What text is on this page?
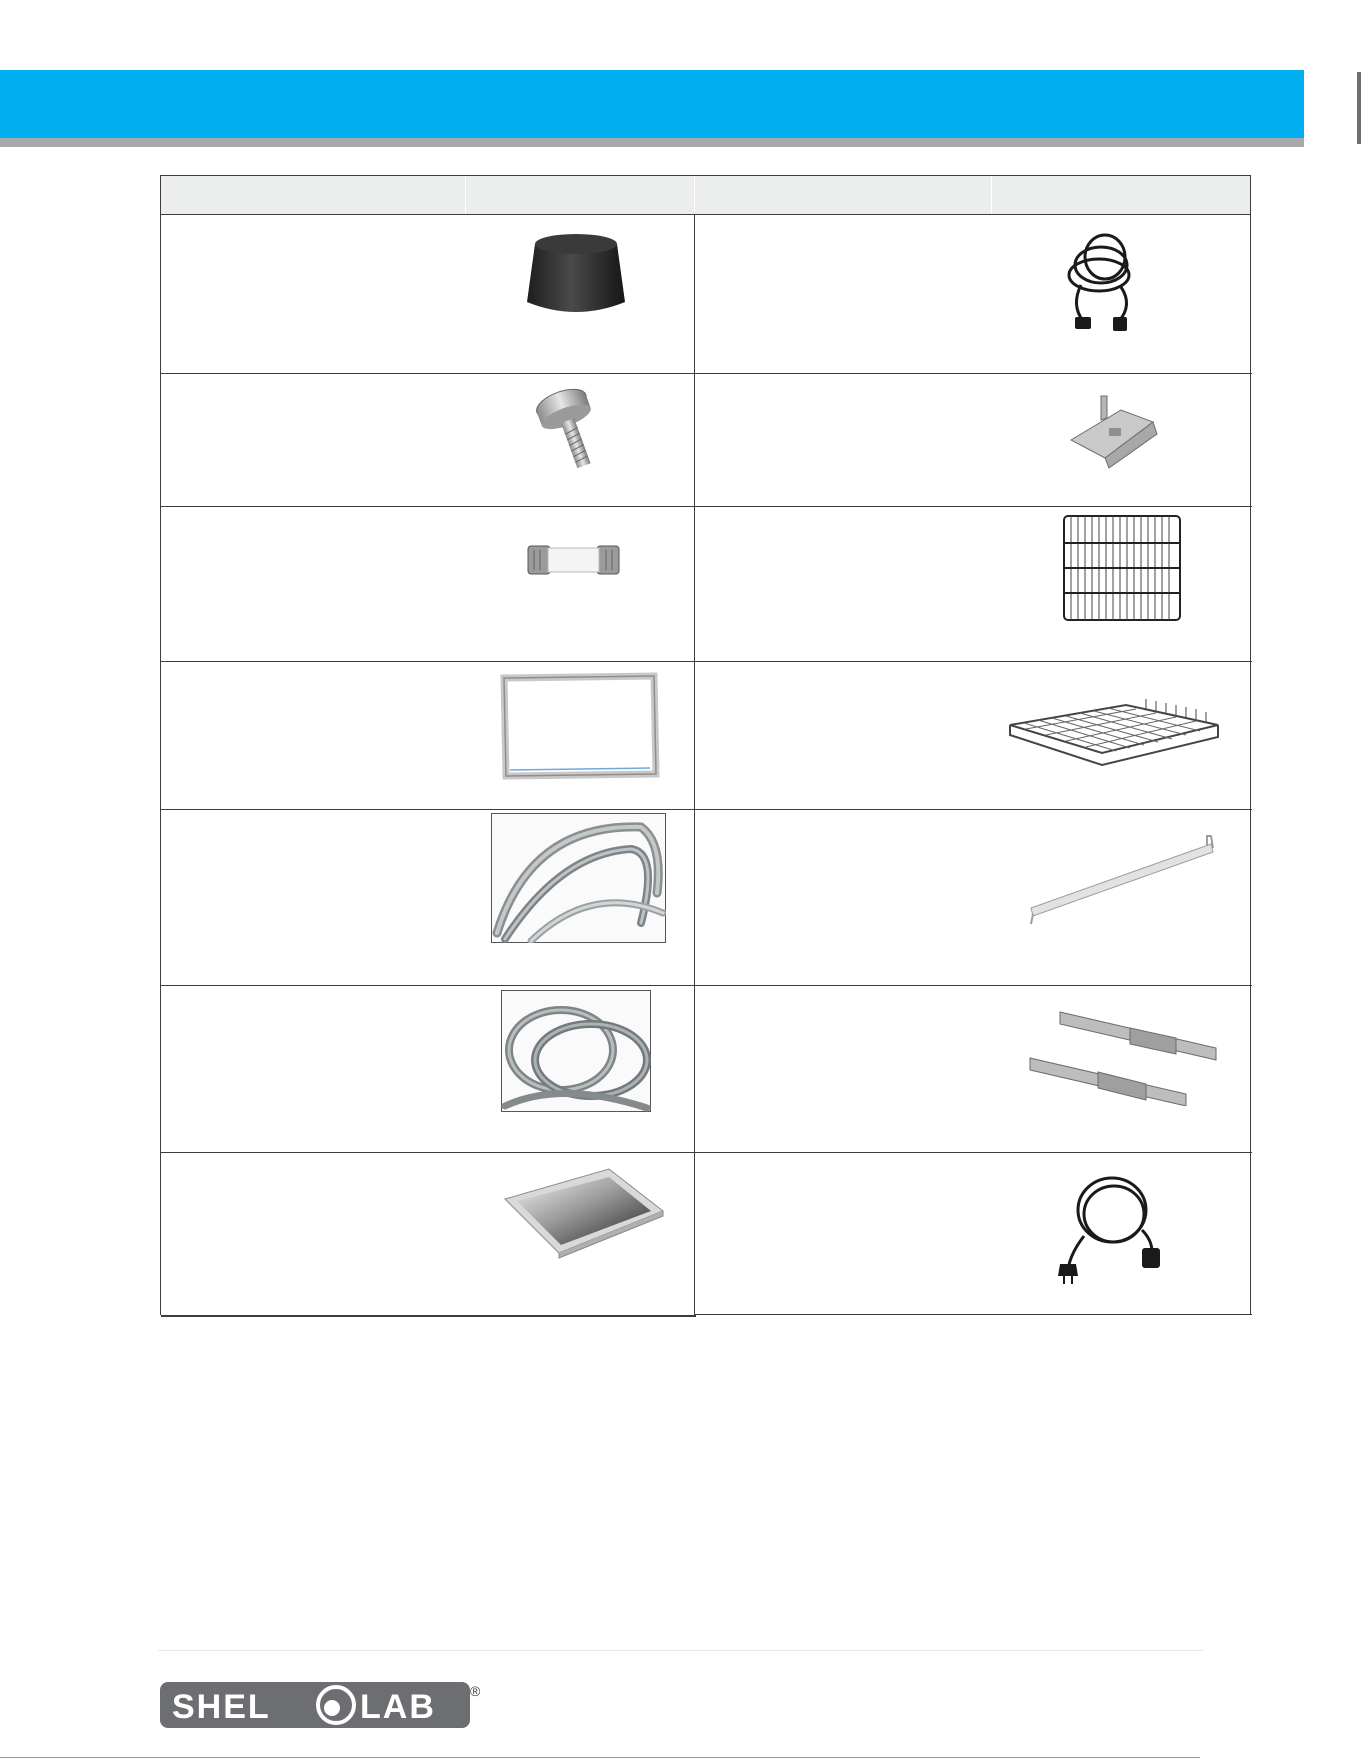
SHEL	LAB ®
